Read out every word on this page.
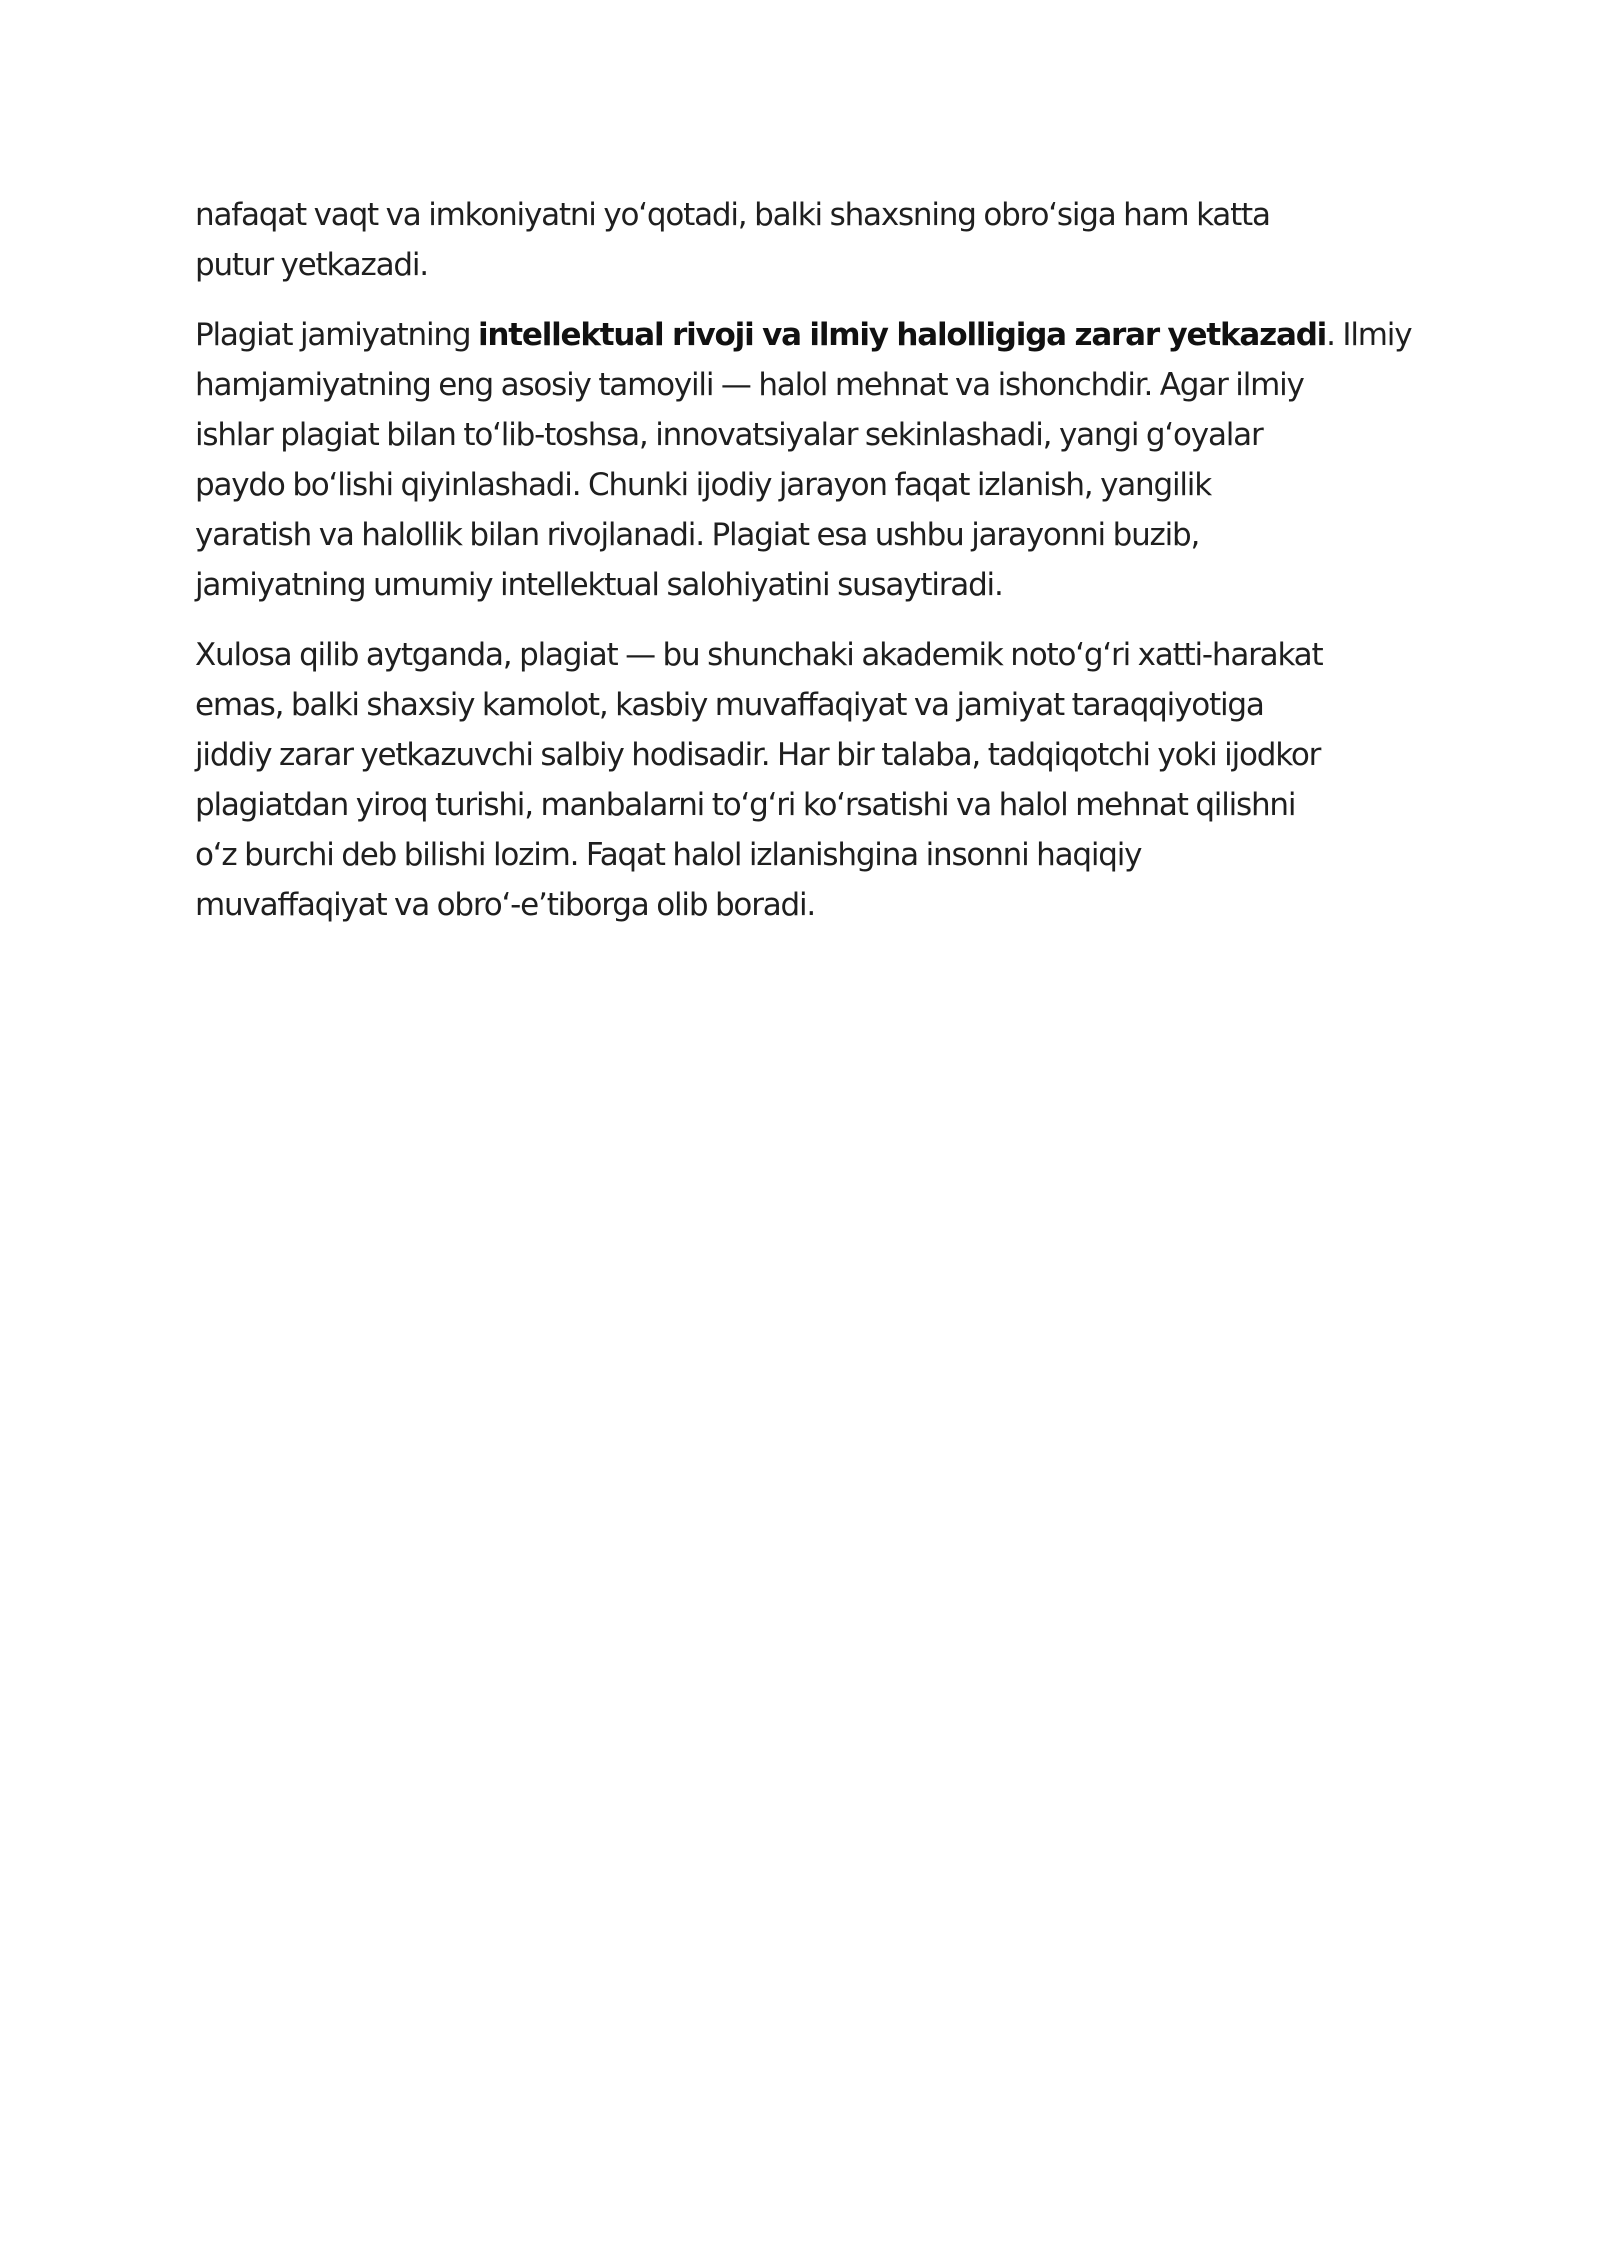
nafaqat vaqt va imkoniyatni yoʻqotadi, balki shaxsning obroʻsiga ham katta
putur yetkazadi.

Plagiat jamiyatning intellektual rivoji va ilmiy halolligiga zarar yetkazadi. Ilmiy
hamjamiyatning eng asosiy tamoyili — halol mehnat va ishonchdir. Agar ilmiy
ishlar plagiat bilan toʻlib-toshsa, innovatsiyalar sekinlashadi, yangi gʻoyalar
paydo boʻlishi qiyinlashadi. Chunki ijodiy jarayon faqat izlanish, yangilik
yaratish va halollik bilan rivojlanadi. Plagiat esa ushbu jarayonni buzib,
jamiyatning umumiy intellektual salohiyatini susaytiradi.

Xulosa qilib aytganda, plagiat — bu shunchaki akademik notoʻgʻri xatti-harakat
emas, balki shaxsiy kamolot, kasbiy muvaffaqiyat va jamiyat taraqqiyotiga
jiddiy zarar yetkazuvchi salbiy hodisadir. Har bir talaba, tadqiqotchi yoki ijodkor
plagiatdan yiroq turishi, manbalarni toʻgʻri koʻrsatishi va halol mehnat qilishni
oʻz burchi deb bilishi lozim. Faqat halol izlanishgina insonni haqiqiy
muvaffaqiyat va obroʻ-e’tiborga olib boradi.
